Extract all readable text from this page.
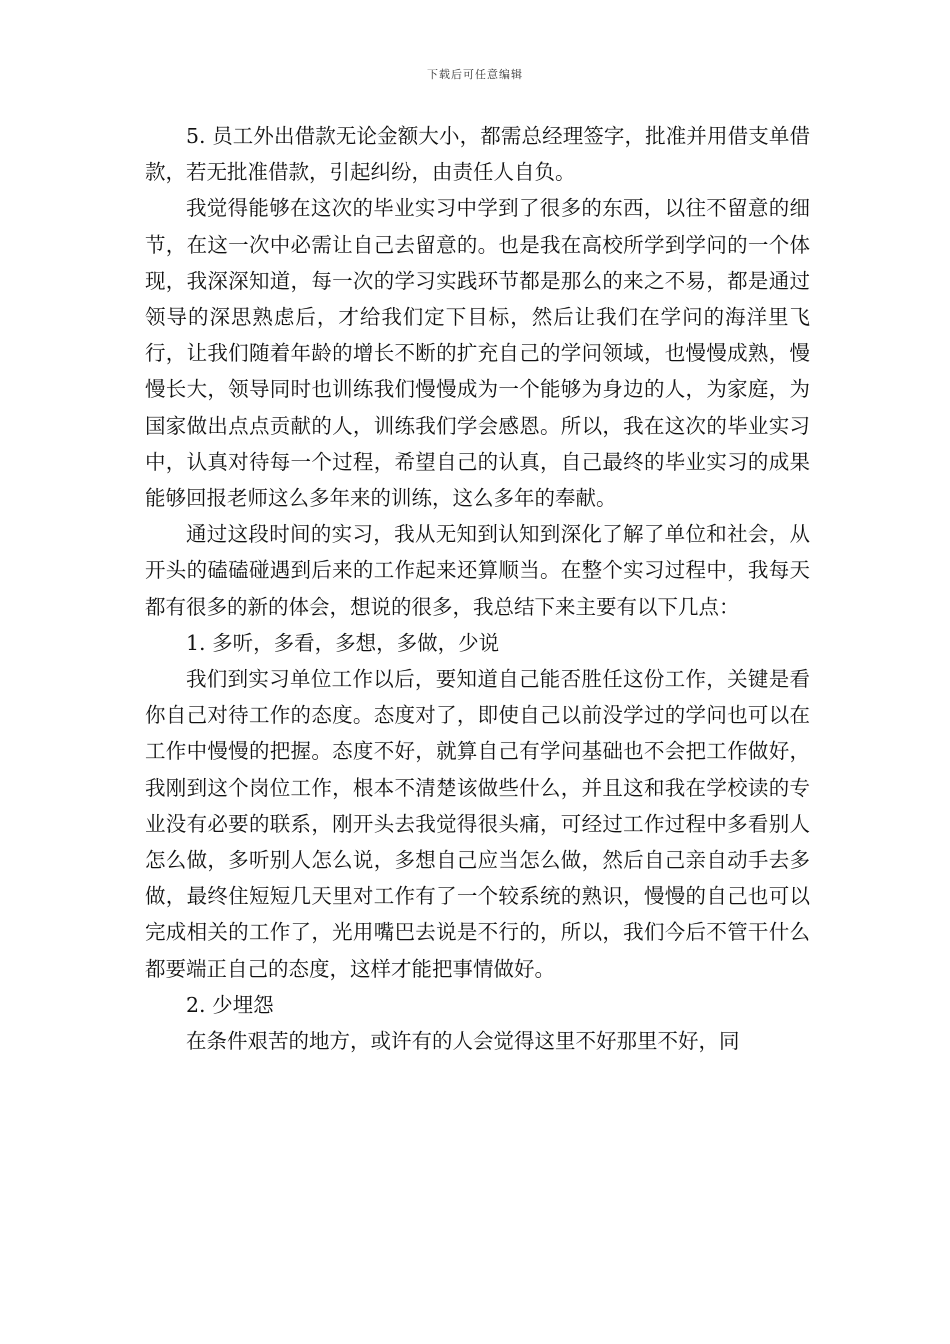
下载后可任意编辑

5. 员工外出借款无论金额大小，都需总经理签字，批准并用借支单借款，若无批准借款，引起纠纷，由责任人自负。

我觉得能够在这次的毕业实习中学到了很多的东西，以往不留意的细节，在这一次中必需让自己去留意的。也是我在高校所学到学问的一个体现，我深深知道，每一次的学习实践环节都是那么的来之不易，都是通过领导的深思熟虑后，才给我们定下目标，然后让我们在学问的海洋里飞行，让我们随着年龄的增长不断的扩充自己的学问领域，也慢慢成熟，慢慢长大，领导同时也训练我们慢慢成为一个能够为身边的人，为家庭，为国家做出点点贡献的人，训练我们学会感恩。所以，我在这次的毕业实习中，认真对待每一个过程，希望自己的认真，自己最终的毕业实习的成果能够回报老师这么多年来的训练，这么多年的奉献。

通过这段时间的实习，我从无知到认知到深化了解了单位和社会，从开头的磕磕碰遇到后来的工作起来还算顺当。在整个实习过程中，我每天都有很多的新的体会，想说的很多，我总结下来主要有以下几点：

1. 多听，多看，多想，多做，少说

我们到实习单位工作以后，要知道自己能否胜任这份工作，关键是看你自己对待工作的态度。态度对了，即使自己以前没学过的学问也可以在工作中慢慢的把握。态度不好，就算自己有学问基础也不会把工作做好，我刚到这个岗位工作，根本不清楚该做些什么，并且这和我在学校读的专业没有必要的联系，刚开头去我觉得很头痛，可经过工作过程中多看别人怎么做，多听别人怎么说，多想自己应当怎么做，然后自己亲自动手去多做，最终住短短几天里对工作有了一个较系统的熟识，慢慢的自己也可以完成相关的工作了，光用嘴巴去说是不行的，所以，我们今后不管干什么都要端正自己的态度，这样才能把事情做好。

2. 少埋怨

在条件艰苦的地方，或许有的人会觉得这里不好那里不好，同
